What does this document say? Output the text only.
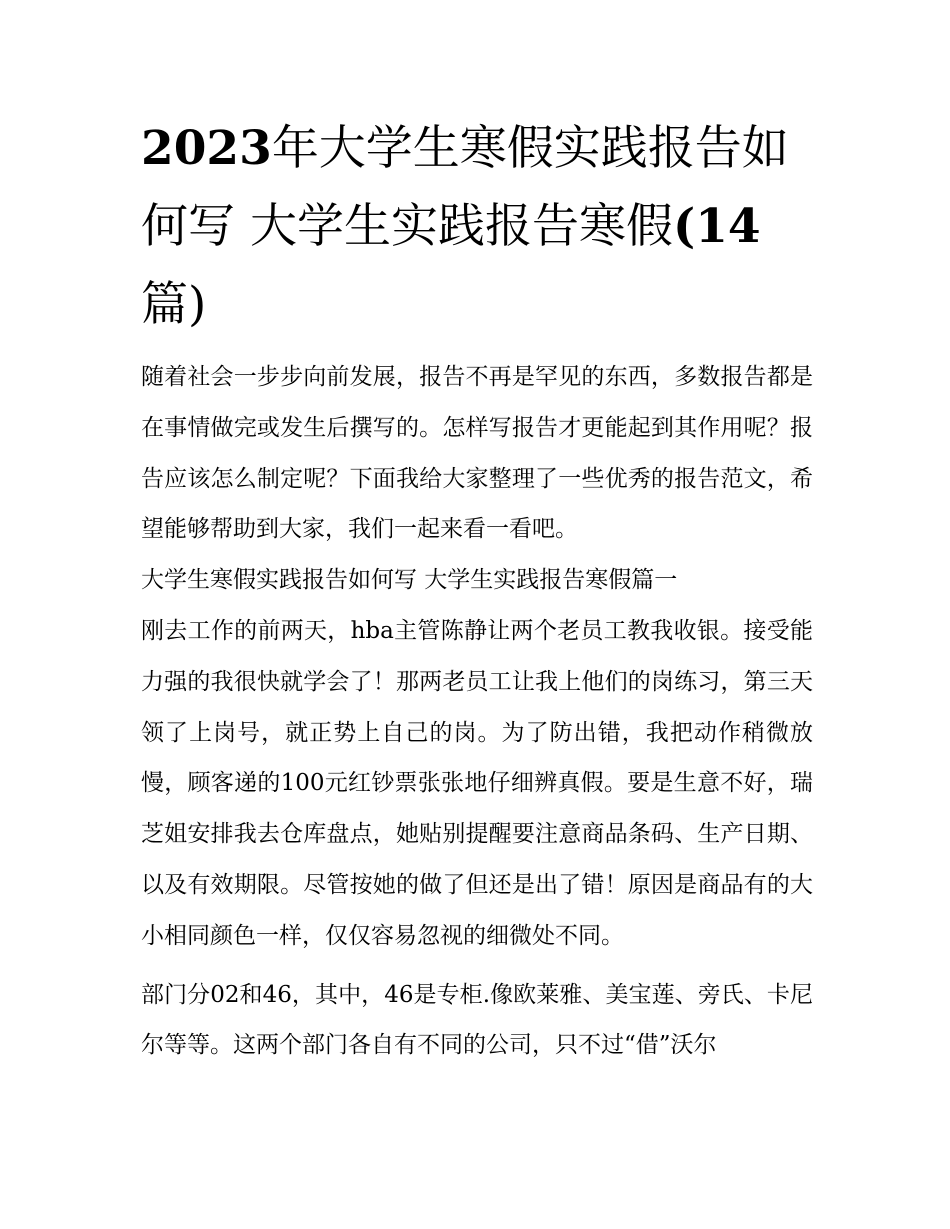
2023年大学生寒假实践报告如何写 大学生实践报告寒假(14篇)

随着社会一步步向前发展，报告不再是罕见的东西，多数报告都是在事情做完或发生后撰写的。怎样写报告才更能起到其作用呢？报告应该怎么制定呢？下面我给大家整理了一些优秀的报告范文，希望能够帮助到大家，我们一起来看一看吧。

大学生寒假实践报告如何写 大学生实践报告寒假篇一

刚去工作的前两天，hba主管陈静让两个老员工教我收银。接受能力强的我很快就学会了！那两老员工让我上他们的岗练习，第三天领了上岗号，就正势上自己的岗。为了防出错，我把动作稍微放慢，顾客递的100元红钞票张张地仔细辨真假。要是生意不好，瑞芝姐安排我去仓库盘点，她贴别提醒要注意商品条码、生产日期、以及有效期限。尽管按她的做了但还是出了错！原因是商品有的大小相同颜色一样，仅仅容易忽视的细微处不同。

部门分02和46，其中，46是专柜.像欧莱雅、美宝莲、旁氏、卡尼尔等等。这两个部门各自有不同的公司，只不过“借”沃尔
